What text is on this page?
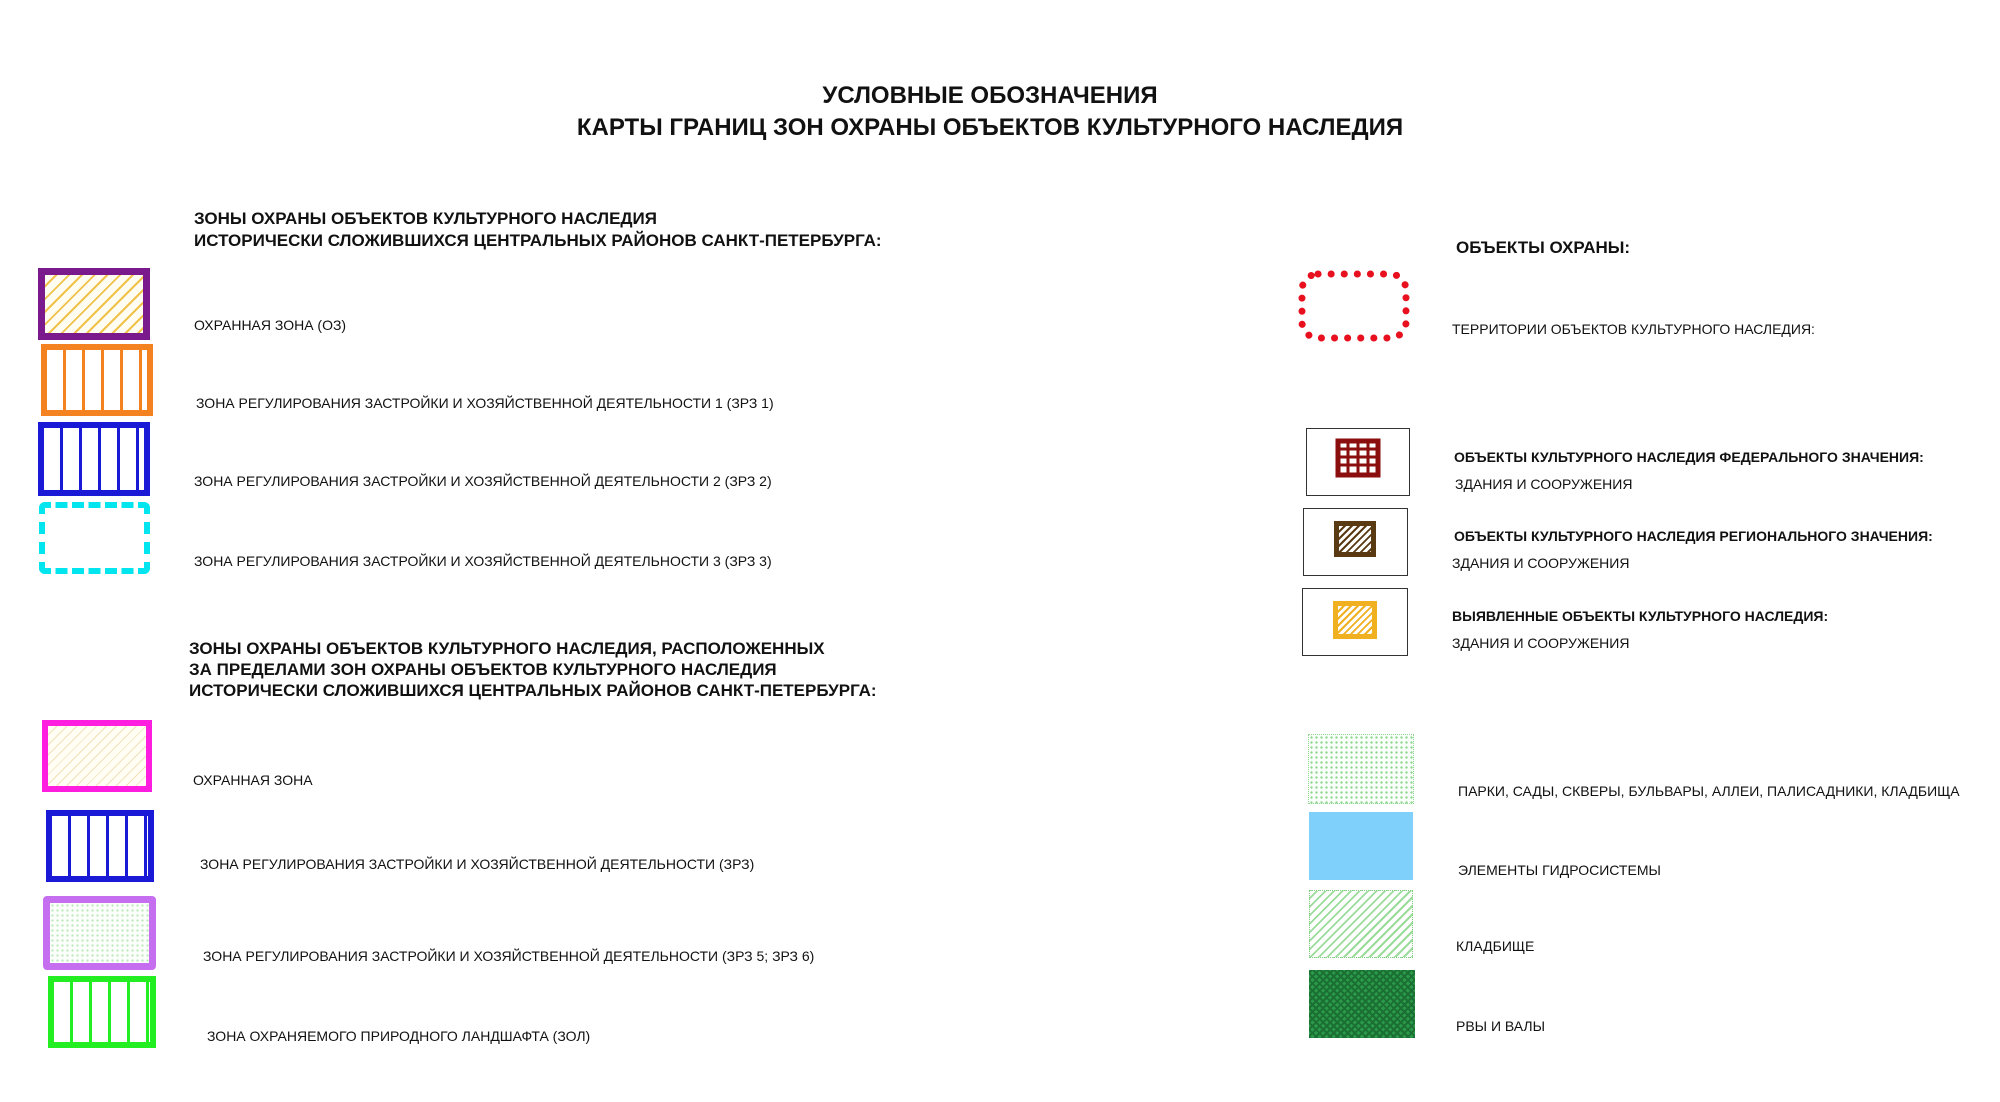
УСЛОВНЫЕ ОБОЗНАЧЕНИЯ
КАРТЫ ГРАНИЦ ЗОН ОХРАНЫ ОБЪЕКТОВ КУЛЬТУРНОГО НАСЛЕДИЯ
ЗОНЫ ОХРАНЫ ОБЪЕКТОВ КУЛЬТУРНОГО НАСЛЕДИЯ
ИСТОРИЧЕСКИ СЛОЖИВШИХСЯ ЦЕНТРАЛЬНЫХ РАЙОНОВ САНКТ-ПЕТЕРБУРГА:
ОХРАННАЯ ЗОНА (ОЗ)
ЗОНА РЕГУЛИРОВАНИЯ ЗАСТРОЙКИ И ХОЗЯЙСТВЕННОЙ ДЕЯТЕЛЬНОСТИ 1 (ЗРЗ 1)
ЗОНА РЕГУЛИРОВАНИЯ ЗАСТРОЙКИ И ХОЗЯЙСТВЕННОЙ ДЕЯТЕЛЬНОСТИ 2 (ЗРЗ 2)
ЗОНА РЕГУЛИРОВАНИЯ ЗАСТРОЙКИ И ХОЗЯЙСТВЕННОЙ ДЕЯТЕЛЬНОСТИ 3 (ЗРЗ 3)
ЗОНЫ ОХРАНЫ ОБЪЕКТОВ КУЛЬТУРНОГО НАСЛЕДИЯ, РАСПОЛОЖЕННЫХ
ЗА ПРЕДЕЛАМИ ЗОН ОХРАНЫ ОБЪЕКТОВ КУЛЬТУРНОГО НАСЛЕДИЯ
ИСТОРИЧЕСКИ СЛОЖИВШИХСЯ ЦЕНТРАЛЬНЫХ РАЙОНОВ САНКТ-ПЕТЕРБУРГА:
ОХРАННАЯ ЗОНА
ЗОНА РЕГУЛИРОВАНИЯ ЗАСТРОЙКИ И ХОЗЯЙСТВЕННОЙ ДЕЯТЕЛЬНОСТИ (ЗРЗ)
ЗОНА РЕГУЛИРОВАНИЯ ЗАСТРОЙКИ И ХОЗЯЙСТВЕННОЙ ДЕЯТЕЛЬНОСТИ (ЗРЗ 5; ЗРЗ 6)
ЗОНА ОХРАНЯЕМОГО ПРИРОДНОГО ЛАНДШАФТА (ЗОЛ)
ОБЪЕКТЫ ОХРАНЫ:
ТЕРРИТОРИИ ОБЪЕКТОВ КУЛЬТУРНОГО НАСЛЕДИЯ:
ОБЪЕКТЫ КУЛЬТУРНОГО НАСЛЕДИЯ ФЕДЕРАЛЬНОГО ЗНАЧЕНИЯ:
ЗДАНИЯ И СООРУЖЕНИЯ
ОБЪЕКТЫ КУЛЬТУРНОГО НАСЛЕДИЯ РЕГИОНАЛЬНОГО ЗНАЧЕНИЯ:
ЗДАНИЯ И СООРУЖЕНИЯ
ВЫЯВЛЕННЫЕ ОБЪЕКТЫ КУЛЬТУРНОГО НАСЛЕДИЯ:
ЗДАНИЯ И СООРУЖЕНИЯ
ПАРКИ, САДЫ, СКВЕРЫ, БУЛЬВАРЫ, АЛЛЕИ, ПАЛИСАДНИКИ, КЛАДБИЩА
ЭЛЕМЕНТЫ ГИДРОСИСТЕМЫ
КЛАДБИЩЕ
РВЫ И ВАЛЫ
